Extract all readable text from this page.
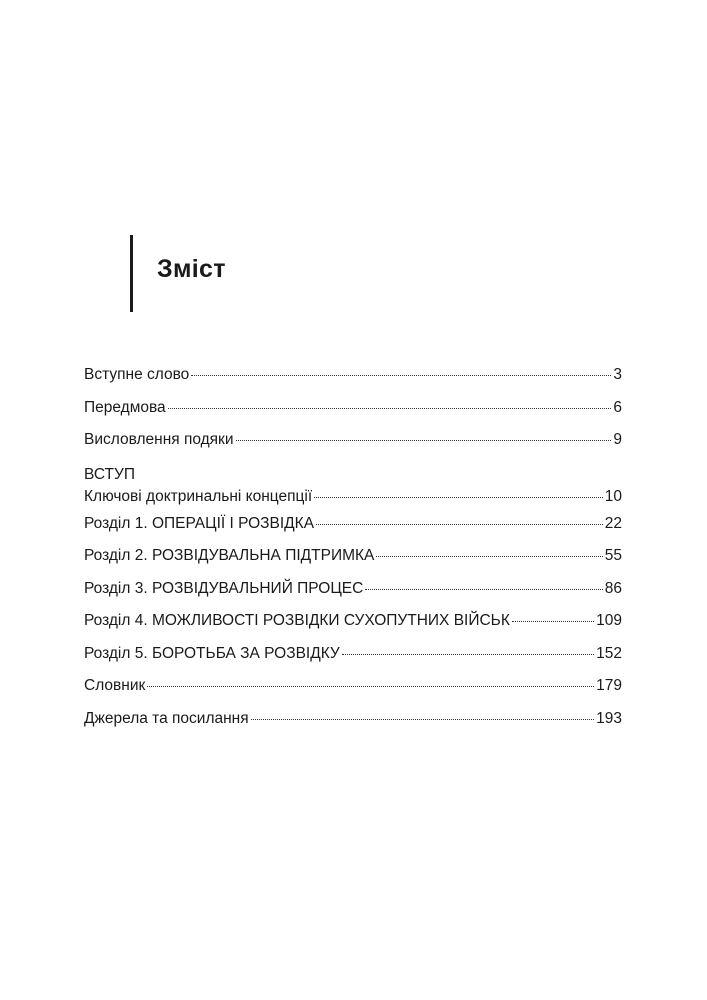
Зміст
Вступне слово	3
Передмова	6
Висловлення подяки	9
ВСТУП
Ключові доктринальні концепції	10
Розділ 1. ОПЕРАЦІЇ І РОЗВІДКА	22
Розділ 2. РОЗВІДУВАЛЬНА ПІДТРИМКА	55
Розділ 3. РОЗВІДУВАЛЬНИЙ ПРОЦЕС	86
Розділ 4. МОЖЛИВОСТІ РОЗВІДКИ СУХОПУТНИХ ВІЙСЬК	109
Розділ 5. БОРОТЬБА ЗА РОЗВІДКУ	152
Словник	179
Джерела та посилання	193
